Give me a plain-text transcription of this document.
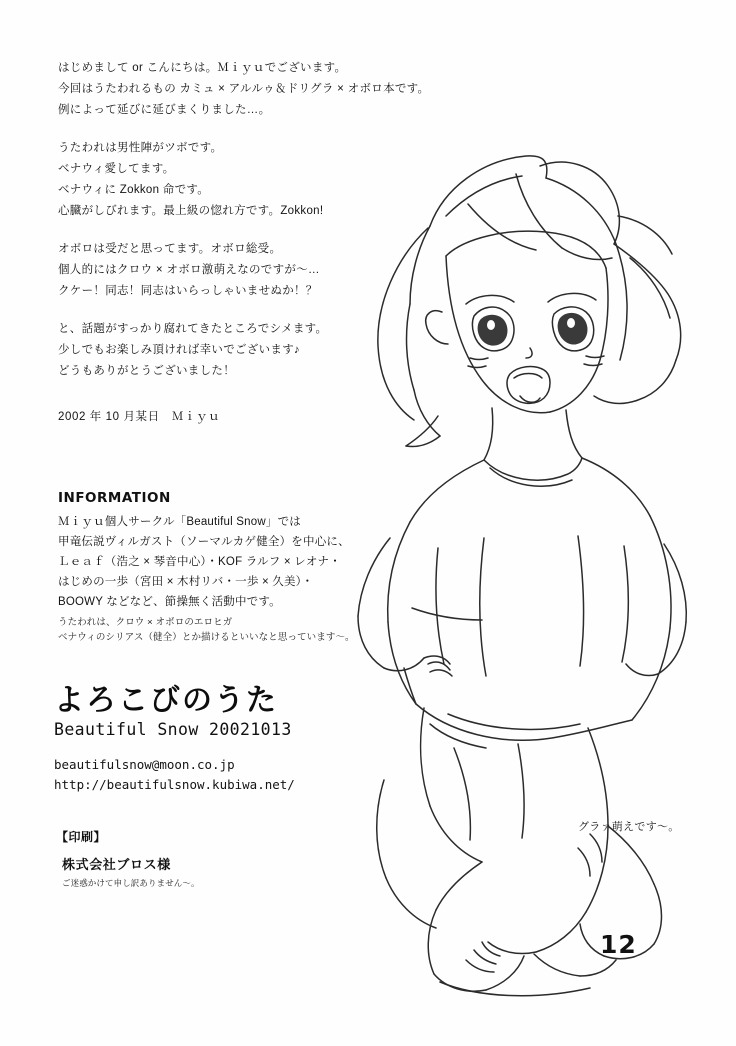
はじめまして or こんにちは。Ｍｉｙｕでございます。
今回はうたわれるもの カミュ × アルルゥ＆ドリグラ × オボロ本です。
例によって延びに延びまくりました…。

うたわれは男性陣がツボです。
ベナウィ愛してます。
ベナウィに Zokkon 命です。
心臓がしびれます。最上級の惚れ方です。Zokkon!

オボロは受だと思ってます。オボロ総受。
個人的にはクロウ × オボロ激萌えなのですが〜…
クケー！同志！同志はいらっしゃいませぬか！？

と、話題がすっかり腐れてきたところでシメます。
少しでもお楽しみ頂ければ幸いでございます♪
どうもありがとうございました！

2002 年 10 月某日　Ｍｉｙｕ
INFORMATION
Ｍｉｙｕ個人サークル「Beautiful Snow」では
甲竜伝説ヴィルガスト（ソーマルカゲ健全）を中心に、
Ｌｅａｆ（浩之 × 琴音中心）・KOF ラルフ × レオナ・
はじめの一歩（宮田 × 木村リバ・一歩 × 久美）・
BOOWY などなど、節操無く活動中です。
うたわれは、クロウ × オボロのエロヒガ
ベナウィのシリアス（健全）とか描けるといいなと思っています〜。
よろこびのうた
Beautiful Snow 20021013
beautifulsnow@moon.co.jp
http://beautifulsnow.kubiwa.net/
【印刷】
株式会社ブロス様
ご迷惑かけて申し訳ありません〜。
グラァ萌えです〜。
12
